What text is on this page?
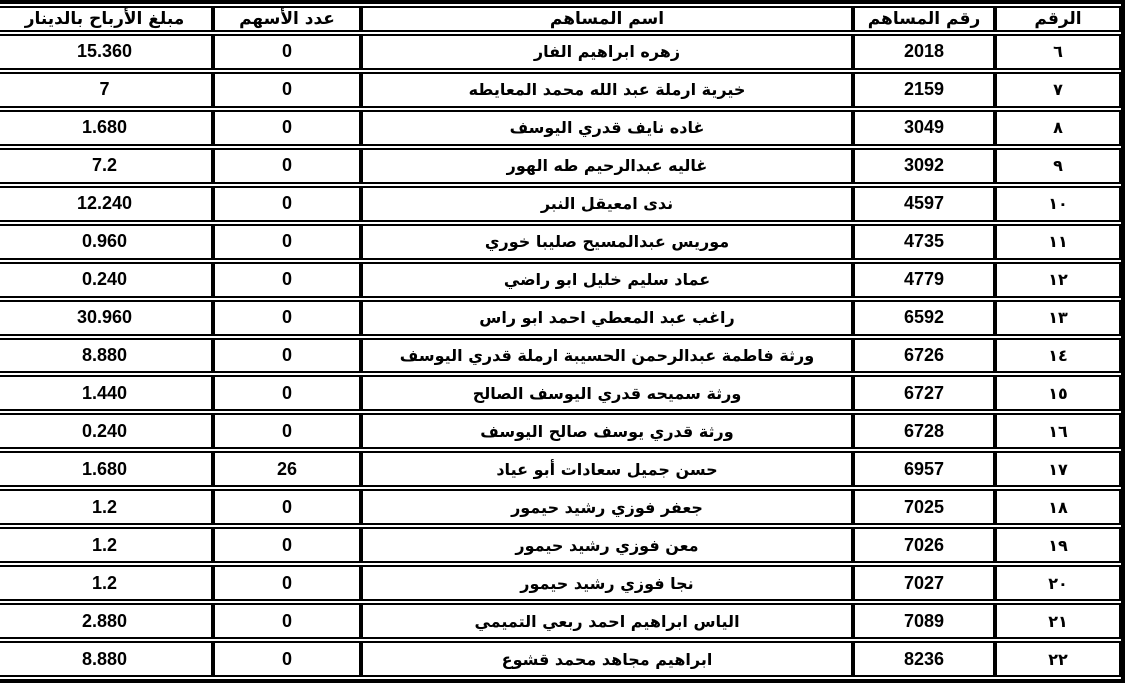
الرقم	رقم المساهم	اسم المساهم	عدد الأسهم	مبلغ الأرباح بالدينار
٦	2018	زهره ابراهيم الفار	0	15.360
٧	2159	خيرية ارملة عبد الله محمد المعايطه	0	7
٨	3049	غاده نايف قدري اليوسف	0	1.680
٩	3092	غاليه عبدالرحيم طه الهور	0	7.2
١٠	4597	ندى امعيقل النبر	0	12.240
١١	4735	موريس عبدالمسيح صليبا خوري	0	0.960
١٢	4779	عماد سليم خليل ابو راضي	0	0.240
١٣	6592	راغب عبد المعطي احمد ابو راس	0	30.960
١٤	6726	ورثة فاطمة عبدالرحمن الحسيبة ارملة قدري اليوسف	0	8.880
١٥	6727	ورثة سميحه قدري اليوسف الصالح	0	1.440
١٦	6728	ورثة قدري يوسف صالح اليوسف	0	0.240
١٧	6957	حسن جميل سعادات أبو عياد	26	1.680
١٨	7025	جعفر فوزي رشيد حيمور	0	1.2
١٩	7026	معن فوزي رشيد حيمور	0	1.2
٢٠	7027	نجا فوزي رشيد حيمور	0	1.2
٢١	7089	الياس ابراهيم احمد ربعي التميمي	0	2.880
٢٢	8236	ابراهيم مجاهد محمد قشوع	0	8.880
